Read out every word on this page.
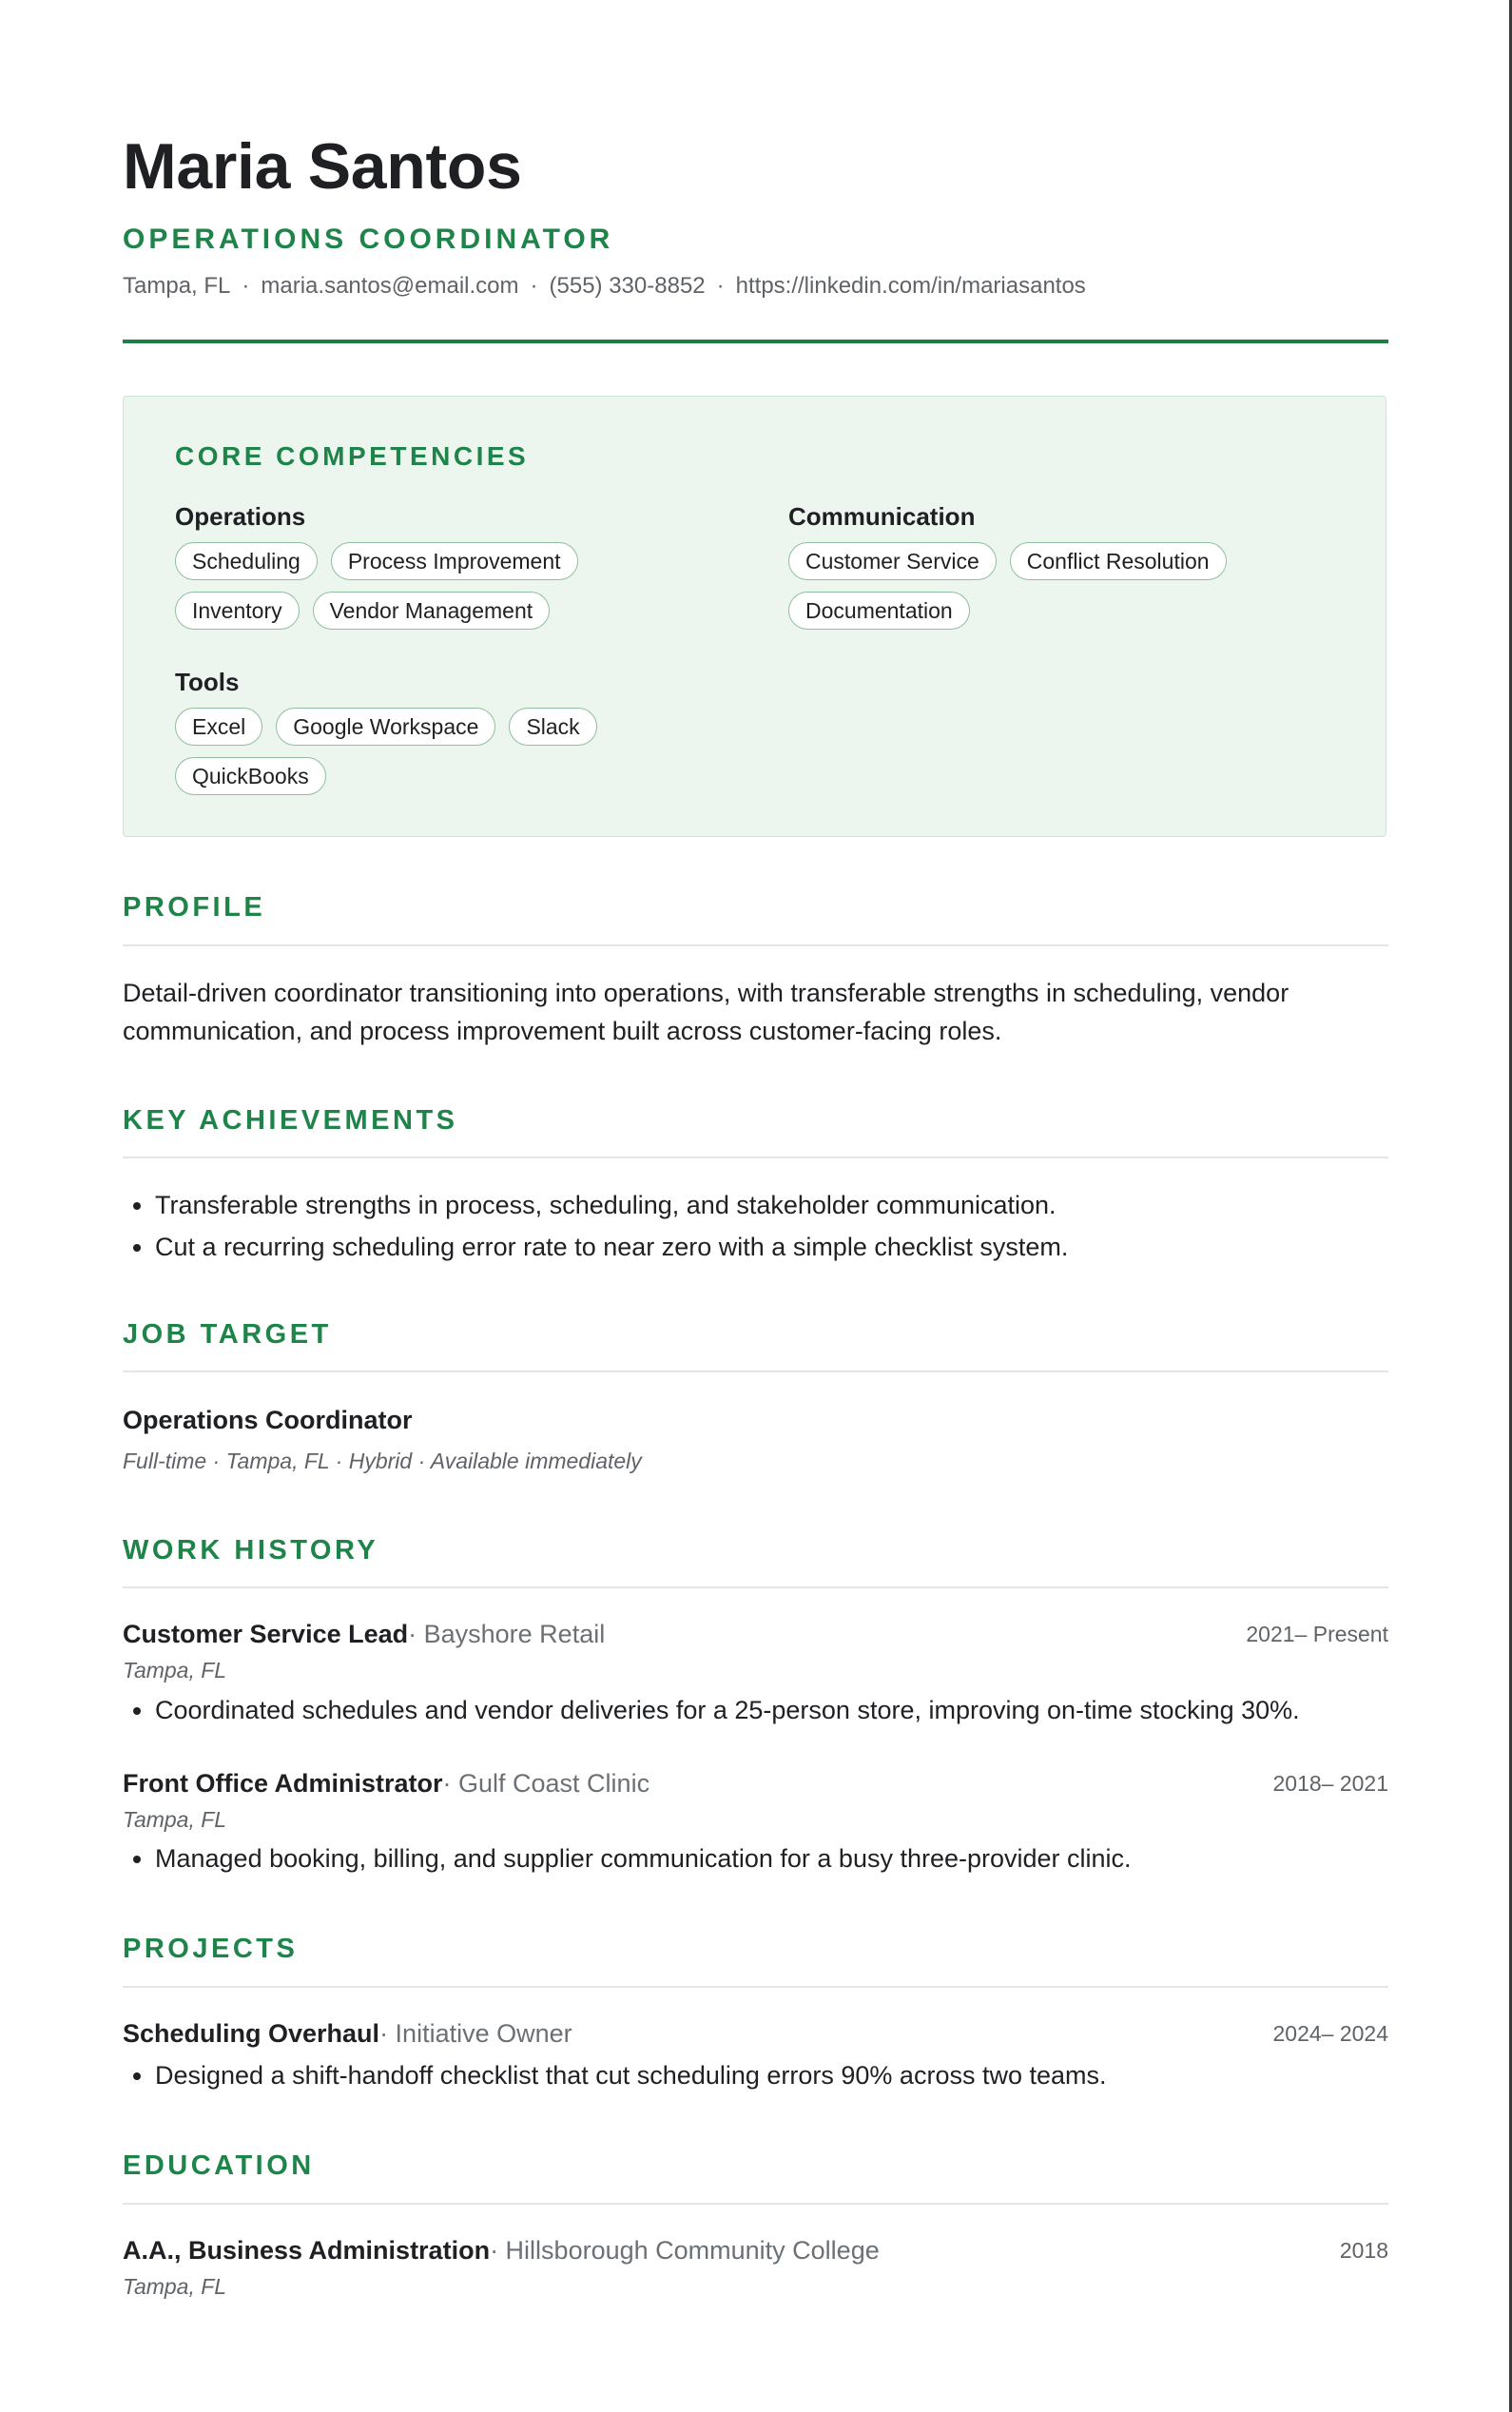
Maria Santos
OPERATIONS COORDINATOR
Tampa, FL · maria.santos@email.com · (555) 330-8852 · https://linkedin.com/in/mariasantos
CORE COMPETENCIES
Operations
Scheduling	Process Improvement
Inventory	Vendor Management
Communication
Customer Service	Conflict Resolution
Documentation
Tools
Excel	Google Workspace	Slack
QuickBooks
PROFILE

Detail-driven coordinator transitioning into operations, with transferable strengths in scheduling, vendor communication, and process improvement built across customer-facing roles.

KEY ACHIEVEMENTS
• Transferable strengths in process, scheduling, and stakeholder communication.
• Cut a recurring scheduling error rate to near zero with a simple checklist system.
JOB TARGET
Operations Coordinator
Full-time · Tampa, FL · Hybrid · Available immediately
WORK HISTORY
Customer Service Lead· Bayshore Retail	2021– Present
Tampa, FL
• Coordinated schedules and vendor deliveries for a 25-person store, improving on-time stocking 30%.
Front Office Administrator· Gulf Coast Clinic	2018– 2021
Tampa, FL
• Managed booking, billing, and supplier communication for a busy three-provider clinic.
PROJECTS
Scheduling Overhaul· Initiative Owner	2024– 2024
• Designed a shift-handoff checklist that cut scheduling errors 90% across two teams.
EDUCATION
A.A., Business Administration· Hillsborough Community College	2018
Tampa, FL
